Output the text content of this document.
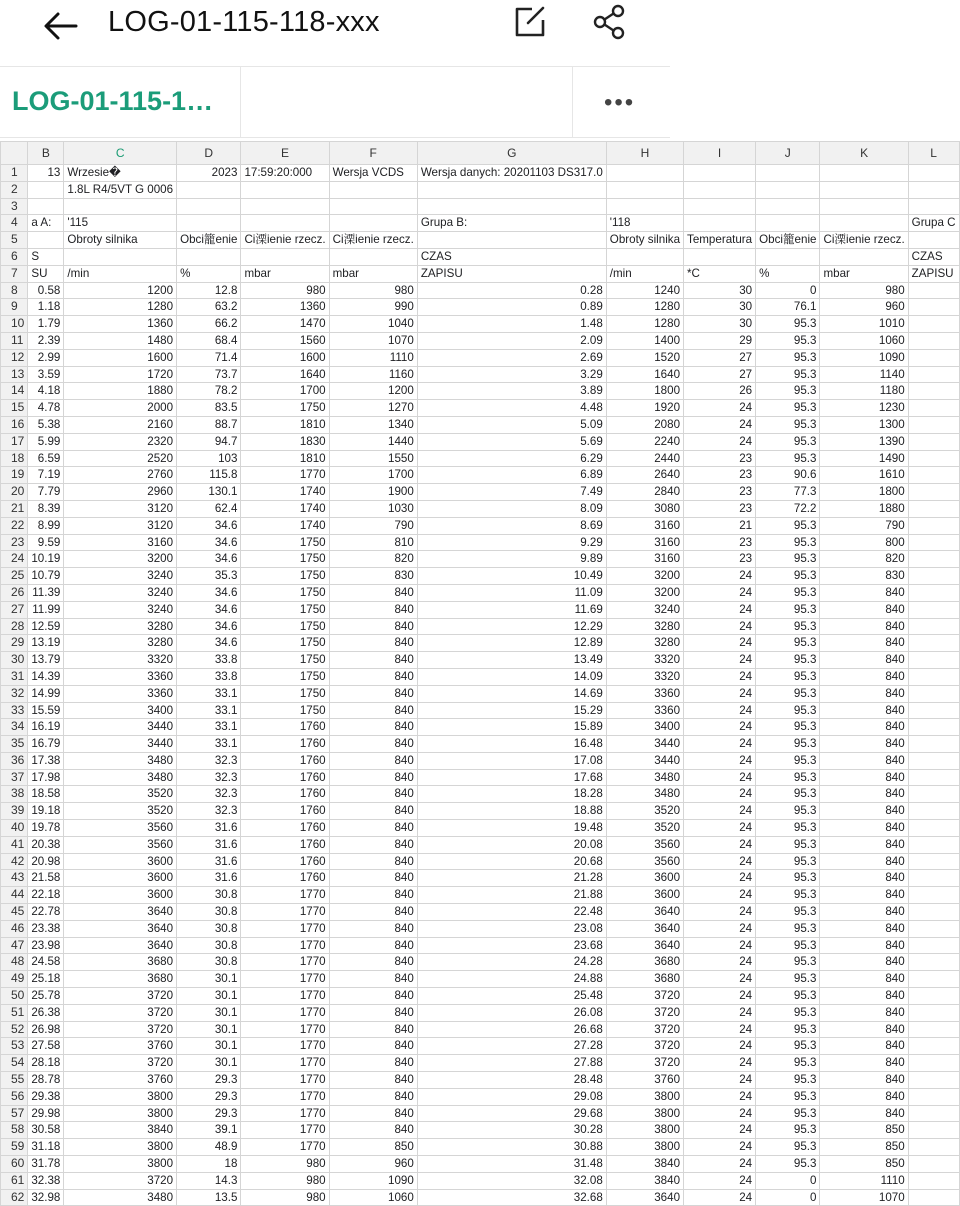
LOG-01-115-118-xxx
LOG-01-115-1…	•••
	B	C	D	E	F	G	H	I	J	K	L
1	13	Wrzesie�	2023	17:59:20:000	Wersja VCDS	Wersja danych: 20201103 DS317.0					
2		1.8L R4/5VT G 0006									
3											
4	a A:	'115				Grupa B:	'118				Grupa C
5		Obroty silnika	Obci籠enie	Ci溧ienie rzecz.	Ci溧ienie rzecz.		Obroty silnika	Temperatura	Obci籠enie	Ci溧ienie rzecz.	
6	S					CZAS					CZAS
7	SU	/min	%	mbar	mbar	ZAPISU	/min	*C	%	mbar	ZAPISU
8	0.58	1200	12.8	980	980	0.28	1240	30	0	980	
9	1.18	1280	63.2	1360	990	0.89	1280	30	76.1	960	
10	1.79	1360	66.2	1470	1040	1.48	1280	30	95.3	1010	
11	2.39	1480	68.4	1560	1070	2.09	1400	29	95.3	1060	
12	2.99	1600	71.4	1600	1110	2.69	1520	27	95.3	1090	
13	3.59	1720	73.7	1640	1160	3.29	1640	27	95.3	1140	
14	4.18	1880	78.2	1700	1200	3.89	1800	26	95.3	1180	
15	4.78	2000	83.5	1750	1270	4.48	1920	24	95.3	1230	
16	5.38	2160	88.7	1810	1340	5.09	2080	24	95.3	1300	
17	5.99	2320	94.7	1830	1440	5.69	2240	24	95.3	1390	
18	6.59	2520	103	1810	1550	6.29	2440	23	95.3	1490	
19	7.19	2760	115.8	1770	1700	6.89	2640	23	90.6	1610	
20	7.79	2960	130.1	1740	1900	7.49	2840	23	77.3	1800	
21	8.39	3120	62.4	1740	1030	8.09	3080	23	72.2	1880	
22	8.99	3120	34.6	1740	790	8.69	3160	21	95.3	790	
23	9.59	3160	34.6	1750	810	9.29	3160	23	95.3	800	
24	10.19	3200	34.6	1750	820	9.89	3160	23	95.3	820	
25	10.79	3240	35.3	1750	830	10.49	3200	24	95.3	830	
26	11.39	3240	34.6	1750	840	11.09	3200	24	95.3	840	
27	11.99	3240	34.6	1750	840	11.69	3240	24	95.3	840	
28	12.59	3280	34.6	1750	840	12.29	3280	24	95.3	840	
29	13.19	3280	34.6	1750	840	12.89	3280	24	95.3	840	
30	13.79	3320	33.8	1750	840	13.49	3320	24	95.3	840	
31	14.39	3360	33.8	1750	840	14.09	3320	24	95.3	840	
32	14.99	3360	33.1	1750	840	14.69	3360	24	95.3	840	
33	15.59	3400	33.1	1750	840	15.29	3360	24	95.3	840	
34	16.19	3440	33.1	1760	840	15.89	3400	24	95.3	840	
35	16.79	3440	33.1	1760	840	16.48	3440	24	95.3	840	
36	17.38	3480	32.3	1760	840	17.08	3440	24	95.3	840	
37	17.98	3480	32.3	1760	840	17.68	3480	24	95.3	840	
38	18.58	3520	32.3	1760	840	18.28	3480	24	95.3	840	
39	19.18	3520	32.3	1760	840	18.88	3520	24	95.3	840	
40	19.78	3560	31.6	1760	840	19.48	3520	24	95.3	840	
41	20.38	3560	31.6	1760	840	20.08	3560	24	95.3	840	
42	20.98	3600	31.6	1760	840	20.68	3560	24	95.3	840	
43	21.58	3600	31.6	1760	840	21.28	3600	24	95.3	840	
44	22.18	3600	30.8	1770	840	21.88	3600	24	95.3	840	
45	22.78	3640	30.8	1770	840	22.48	3640	24	95.3	840	
46	23.38	3640	30.8	1770	840	23.08	3640	24	95.3	840	
47	23.98	3640	30.8	1770	840	23.68	3640	24	95.3	840	
48	24.58	3680	30.8	1770	840	24.28	3680	24	95.3	840	
49	25.18	3680	30.1	1770	840	24.88	3680	24	95.3	840	
50	25.78	3720	30.1	1770	840	25.48	3720	24	95.3	840	
51	26.38	3720	30.1	1770	840	26.08	3720	24	95.3	840	
52	26.98	3720	30.1	1770	840	26.68	3720	24	95.3	840	
53	27.58	3760	30.1	1770	840	27.28	3720	24	95.3	840	
54	28.18	3720	30.1	1770	840	27.88	3720	24	95.3	840	
55	28.78	3760	29.3	1770	840	28.48	3760	24	95.3	840	
56	29.38	3800	29.3	1770	840	29.08	3800	24	95.3	840	
57	29.98	3800	29.3	1770	840	29.68	3800	24	95.3	840	
58	30.58	3840	39.1	1770	840	30.28	3800	24	95.3	850	
59	31.18	3800	48.9	1770	850	30.88	3800	24	95.3	850	
60	31.78	3800	18	980	960	31.48	3840	24	95.3	850	
61	32.38	3720	14.3	980	1090	32.08	3840	24	0	1110	
62	32.98	3480	13.5	980	1060	32.68	3640	24	0	1070	
